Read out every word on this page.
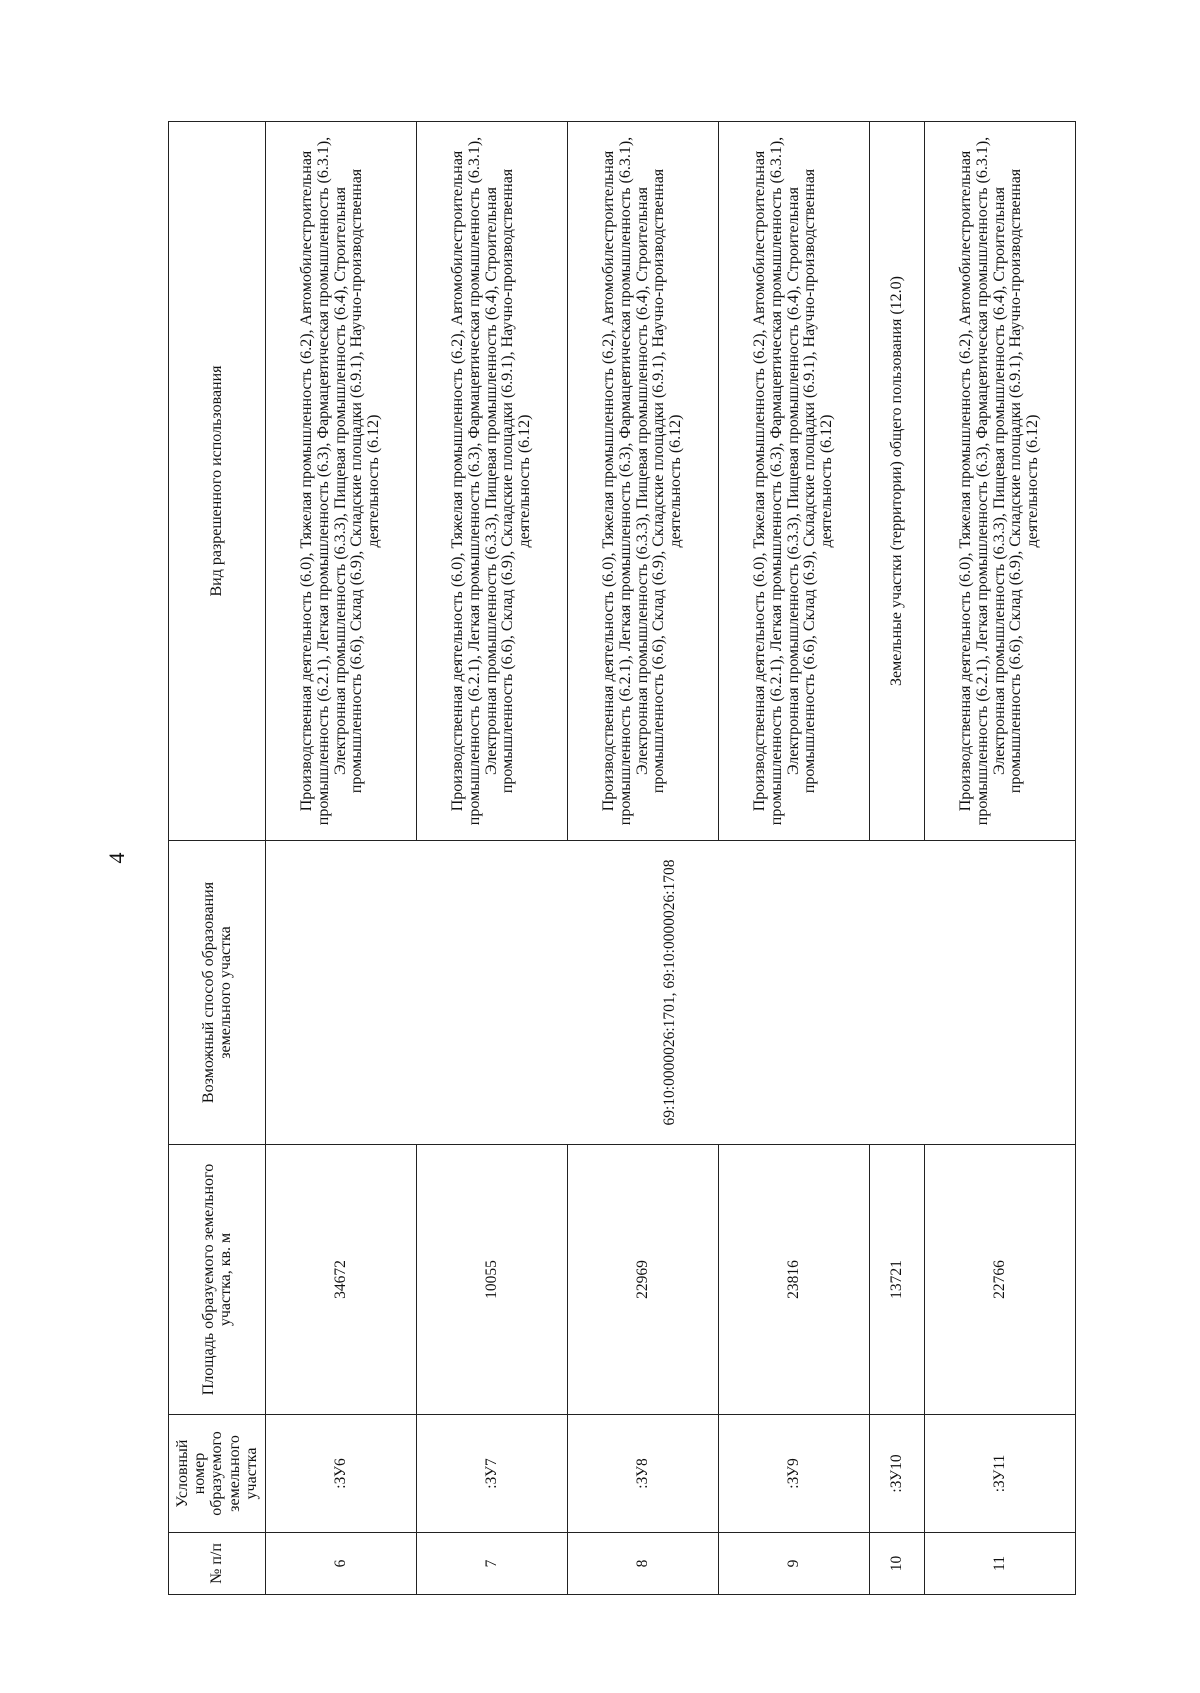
4
№ п/п	Условный номер образуемого земельного участка	Площадь образуемого земельного участка, кв. м	Возможный способ образования земельного участка	Вид разрешенного использования
6	:ЗУ6	34672	69:10:0000026:1701, 69:10:0000026:1708	Производственная деятельность (6.0), Тяжелая промышленность (6.2), Автомобилестроительная промышленность (6.2.1), Легкая промышленность (6.3), Фармацевтическая промышленность (6.3.1), Электронная промышленность (6.3.3), Пищевая промышленность (6.4), Строительная промышленность (6.6), Склад (6.9), Складские площадки (6.9.1), Научно-производственная деятельность (6.12)
7	:ЗУ7	10055		Производственная деятельность (6.0), Тяжелая промышленность (6.2), Автомобилестроительная промышленность (6.2.1), Легкая промышленность (6.3), Фармацевтическая промышленность (6.3.1), Электронная промышленность (6.3.3), Пищевая промышленность (6.4), Строительная промышленность (6.6), Склад (6.9), Складские площадки (6.9.1), Научно-производственная деятельность (6.12)
8	:ЗУ8	22969		Производственная деятельность (6.0), Тяжелая промышленность (6.2), Автомобилестроительная промышленность (6.2.1), Легкая промышленность (6.3), Фармацевтическая промышленность (6.3.1), Электронная промышленность (6.3.3), Пищевая промышленность (6.4), Строительная промышленность (6.6), Склад (6.9), Складские площадки (6.9.1), Научно-производственная деятельность (6.12)
9	:ЗУ9	23816		Производственная деятельность (6.0), Тяжелая промышленность (6.2), Автомобилестроительная промышленность (6.2.1), Легкая промышленность (6.3), Фармацевтическая промышленность (6.3.1), Электронная промышленность (6.3.3), Пищевая промышленность (6.4), Строительная промышленность (6.6), Склад (6.9), Складские площадки (6.9.1), Научно-производственная деятельность (6.12)
10	:ЗУ10	13721		Земельные участки (территории) общего пользования (12.0)
11	:ЗУ11	22766		Производственная деятельность (6.0), Тяжелая промышленность (6.2), Автомобилестроительная промышленность (6.2.1), Легкая промышленность (6.3), Фармацевтическая промышленность (6.3.1), Электронная промышленность (6.3.3), Пищевая промышленность (6.4), Строительная промышленность (6.6), Склад (6.9), Складские площадки (6.9.1), Научно-производственная деятельность (6.12)
